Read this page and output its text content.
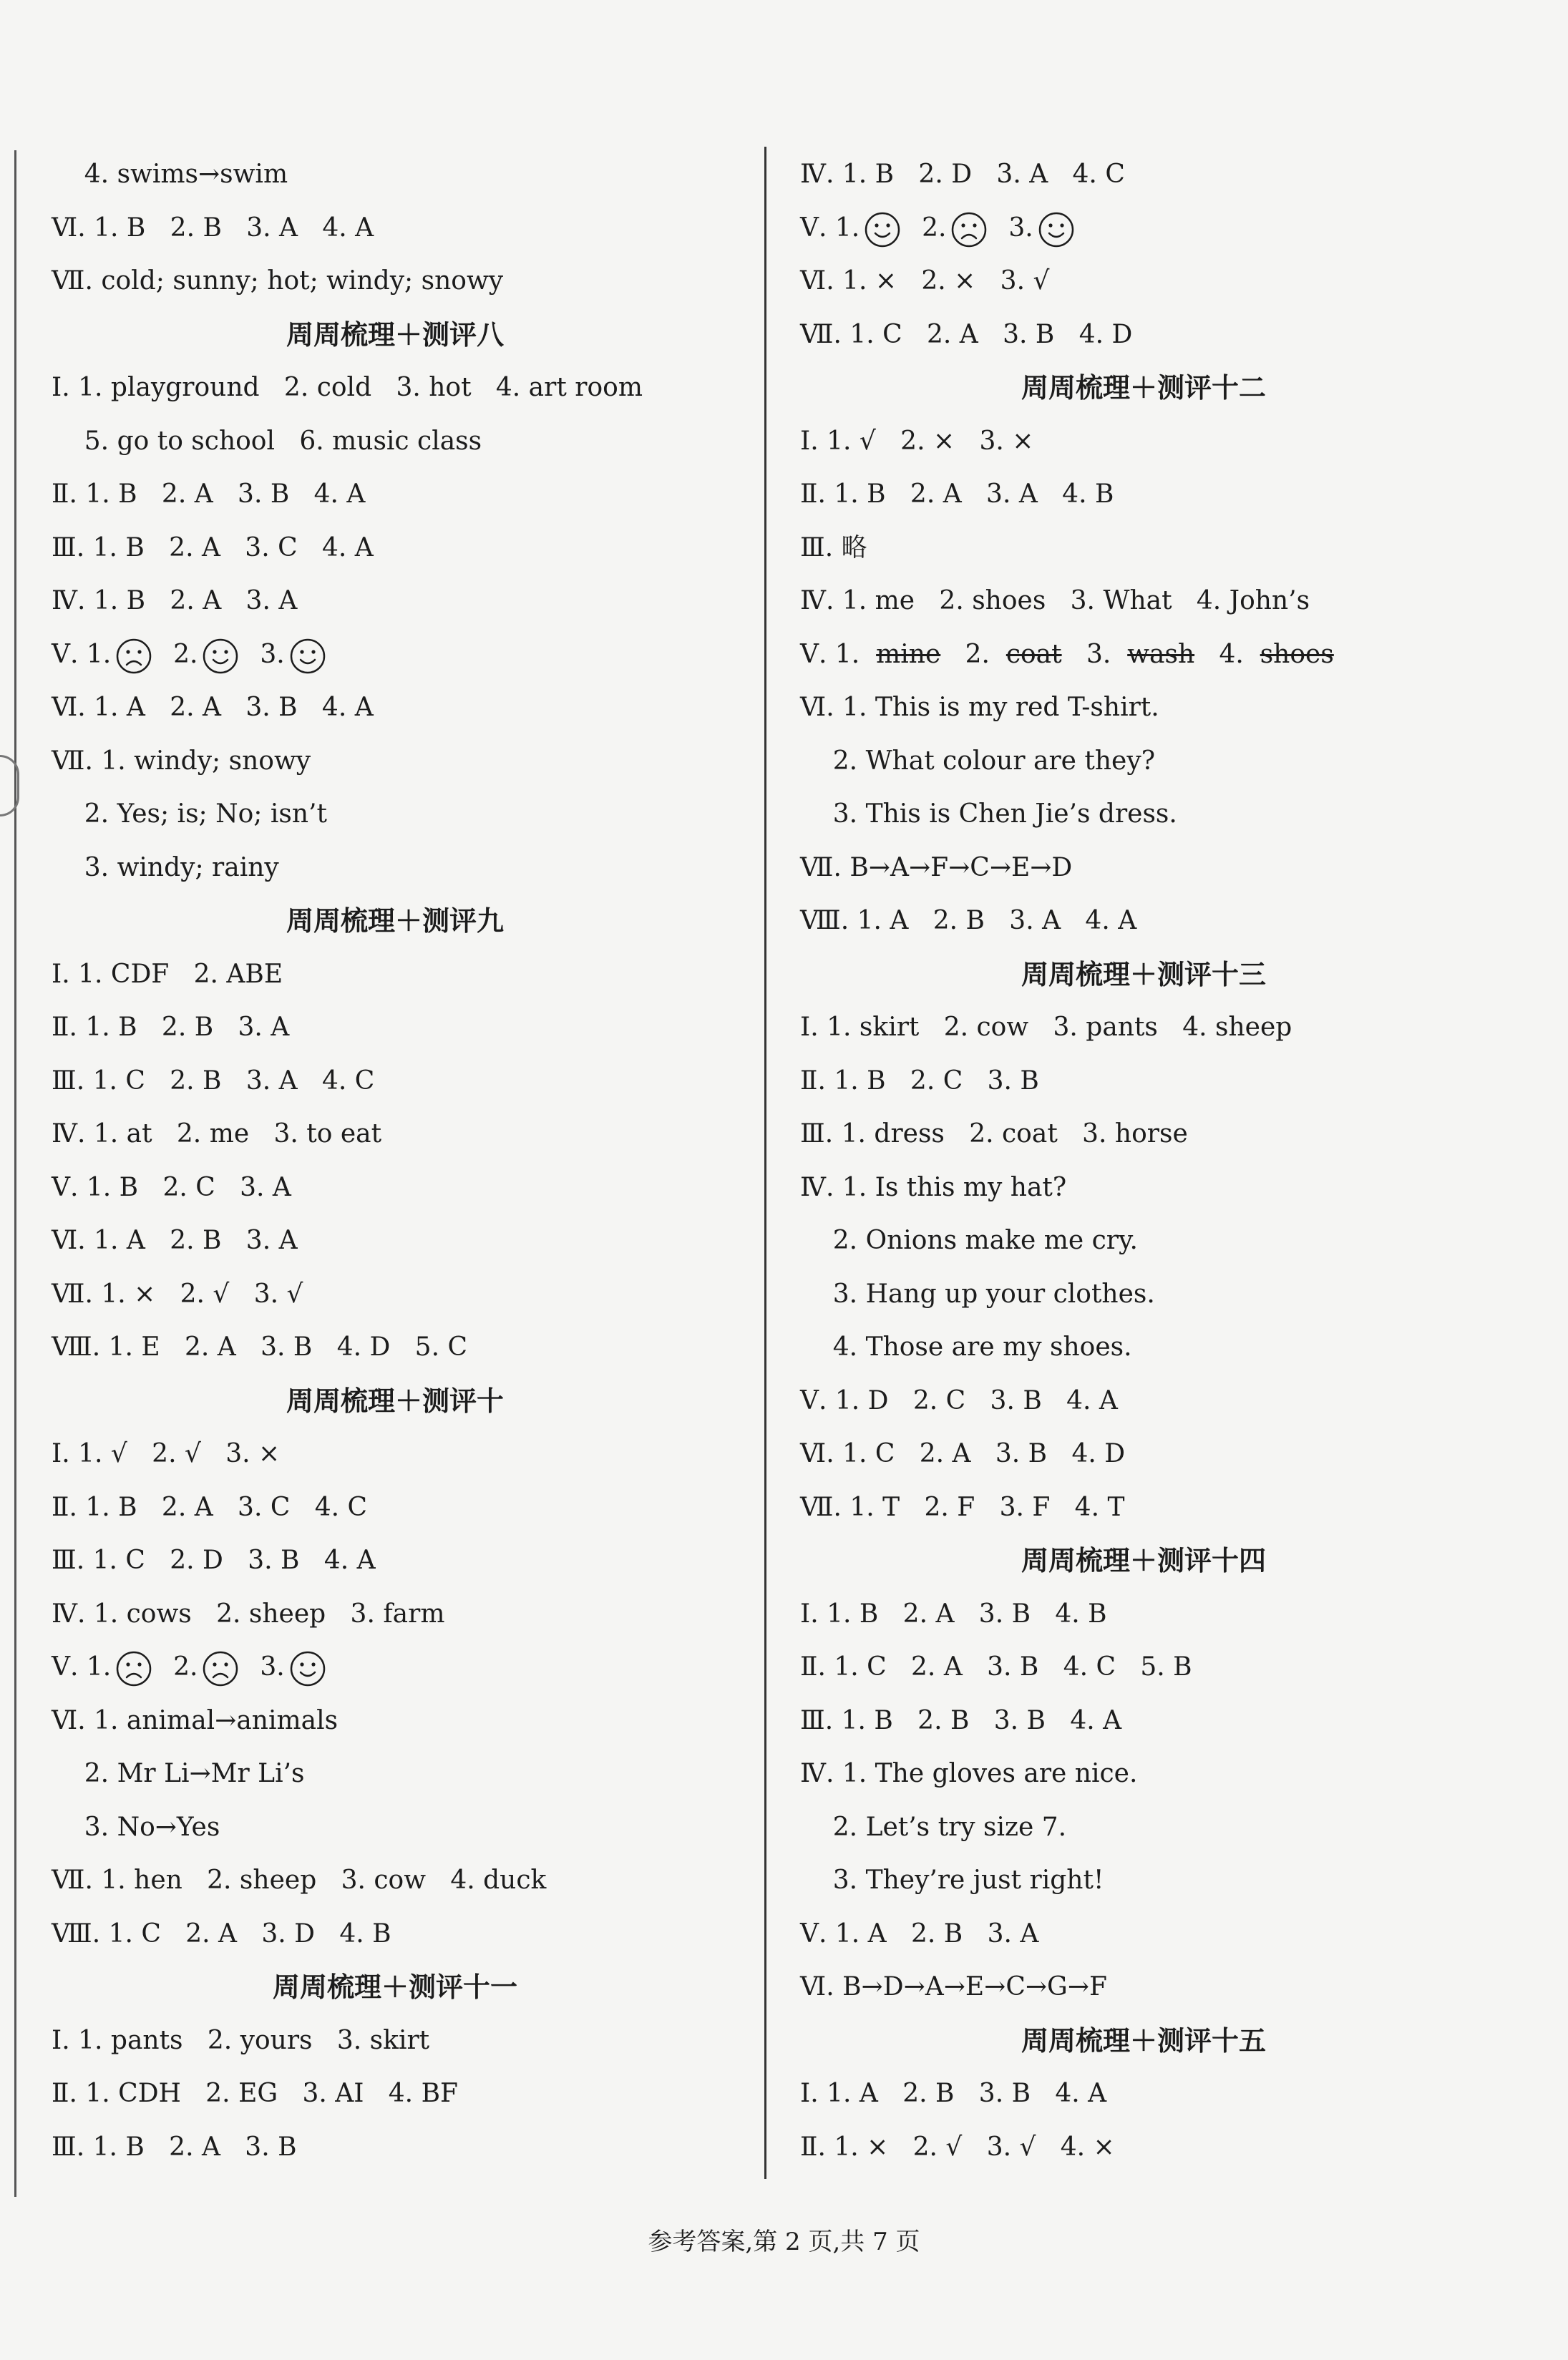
4. swims→swim
Ⅵ. 1. B   2. B   3. A   4. A
Ⅶ. cold; sunny; hot; windy; snowy
周周梳理＋测评八
Ⅰ. 1. playground   2. cold   3. hot   4. art room
5. go to school   6. music class
Ⅱ. 1. B   2. A   3. B   4. A
Ⅲ. 1. B   2. A   3. C   4. A
Ⅳ. 1. B   2. A   3. A
Ⅴ. 1. 2. 3.
Ⅵ. 1. A   2. A   3. B   4. A
Ⅶ. 1. windy; snowy
2. Yes; is; No; isn’t
3. windy; rainy
周周梳理＋测评九
Ⅰ. 1. CDF   2. ABE
Ⅱ. 1. B   2. B   3. A
Ⅲ. 1. C   2. B   3. A   4. C
Ⅳ. 1. at   2. me   3. to eat
Ⅴ. 1. B   2. C   3. A
Ⅵ. 1. A   2. B   3. A
Ⅶ. 1. ×   2. √   3. √
Ⅷ. 1. E   2. A   3. B   4. D   5. C
周周梳理＋测评十
Ⅰ. 1. √   2. √   3. ×
Ⅱ. 1. B   2. A   3. C   4. C
Ⅲ. 1. C   2. D   3. B   4. A
Ⅳ. 1. cows   2. sheep   3. farm
Ⅴ. 1. 2. 3.
Ⅵ. 1. animal→animals
2. Mr Li→Mr Li’s
3. No→Yes
Ⅶ. 1. hen   2. sheep   3. cow   4. duck
Ⅷ. 1. C   2. A   3. D   4. B
周周梳理＋测评十一
Ⅰ. 1. pants   2. yours   3. skirt
Ⅱ. 1. CDH   2. EG   3. AI   4. BF
Ⅲ. 1. B   2. A   3. B
Ⅳ. 1. B   2. D   3. A   4. C
Ⅴ. 1. 2. 3.
Ⅵ. 1. ×   2. ×   3. √
Ⅶ. 1. C   2. A   3. B   4. D
周周梳理＋测评十二
Ⅰ. 1. √   2. ×   3. ×
Ⅱ. 1. B   2. A   3. A   4. B
Ⅲ. 略
Ⅳ. 1. me   2. shoes   3. What   4. John’s
Ⅴ. 1.  mine 2.  coat 3.  wash 4.  shoes
Ⅵ. 1. This is my red T-shirt.
2. What colour are they?
3. This is Chen Jie’s dress.
Ⅶ. B→A→F→C→E→D
Ⅷ. 1. A   2. B   3. A   4. A
周周梳理＋测评十三
Ⅰ. 1. skirt   2. cow   3. pants   4. sheep
Ⅱ. 1. B   2. C   3. B
Ⅲ. 1. dress   2. coat   3. horse
Ⅳ. 1. Is this my hat?
2. Onions make me cry.
3. Hang up your clothes.
4. Those are my shoes.
Ⅴ. 1. D   2. C   3. B   4. A
Ⅵ. 1. C   2. A   3. B   4. D
Ⅶ. 1. T   2. F   3. F   4. T
周周梳理＋测评十四
Ⅰ. 1. B   2. A   3. B   4. B
Ⅱ. 1. C   2. A   3. B   4. C   5. B
Ⅲ. 1. B   2. B   3. B   4. A
Ⅳ. 1. The gloves are nice.
2. Let’s try size 7.
3. They’re just right!
Ⅴ. 1. A   2. B   3. A
Ⅵ. B→D→A→E→C→G→F
周周梳理＋测评十五
Ⅰ. 1. A   2. B   3. B   4. A
Ⅱ. 1. ×   2. √   3. √   4. ×
参考答案,第 2 页,共 7 页
